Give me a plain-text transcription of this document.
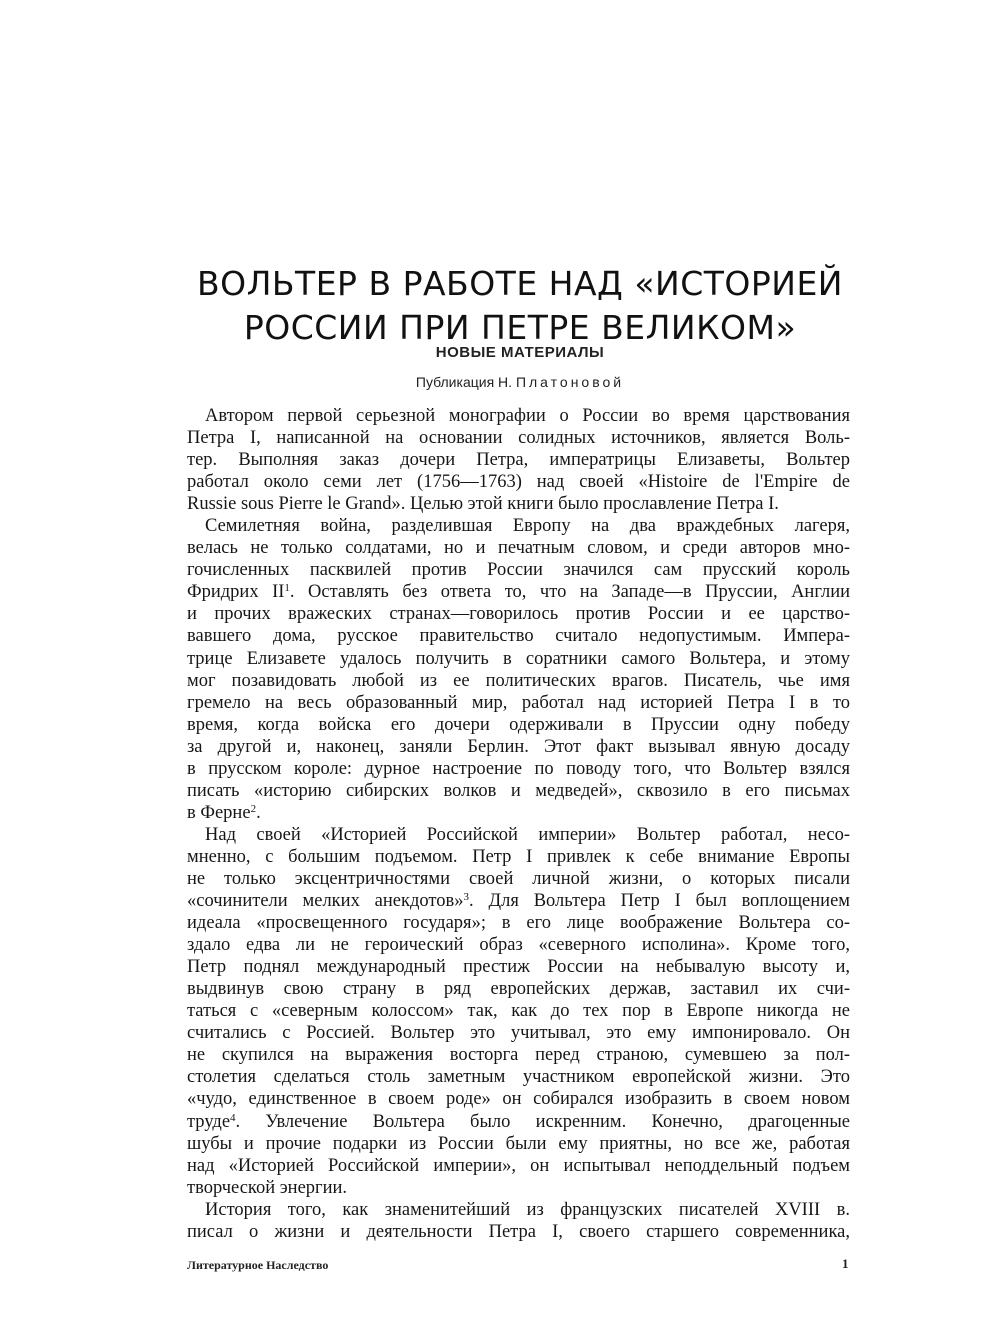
ВОЛЬТЕР В РАБОТЕ НАД «ИСТОРИЕЙ
РОССИИ ПРИ ПЕТРЕ ВЕЛИКОМ»
НОВЫЕ МАТЕРИАЛЫ
Публикация Н. Платоновой
Автором первой серьезной монографии о России во время царствования
Петра I, написанной на основании солидных источников, является Воль-
тер. Выполняя заказ дочери Петра, императрицы Елизаветы, Вольтер
работал около семи лет (1756—1763) над своей «Histoire de l'Empire de
Russie sous Pierre le Grand». Целью этой книги было прославление Петра I.
Семилетняя война, разделившая Европу на два враждебных лагеря,
велась не только солдатами, но и печатным словом, и среди авторов мно-
гочисленных пасквилей против России значился сам прусский король
Фридрих $II^1$. Оставлять без ответа то, что на Западе—в Пруссии, Англии
и прочих вражеских странах—говорилось против России и ее царство-
вавшего дома, русское правительство считало недопустимым. Импера-
трице Елизавете удалось получить в соратники самого Вольтера, и этому
мог позавидовать любой из ее политических врагов. Писатель, чье имя
гремело на весь образованный мир, работал над историей Петра I в то
время, когда войска его дочери одерживали в Пруссии одну победу
за другой и, наконец, заняли Берлин. Этот факт вызывал явную досаду
в прусском короле: дурное настроение по поводу того, что Вольтер взялся
писать «историю сибирских волков и медведей», сквозило в его письмах
в Ферне$^2$.
Над своей «Историей Российской империи» Вольтер работал, несо-
мненно, с большим подъемом. Петр I привлек к себе внимание Европы
не только эксцентричностями своей личной жизни, о которых писали
«сочинители мелких анекдотов»$^3$. Для Вольтера Петр I был воплощением
идеала «просвещенного государя»; в его лице воображение Вольтера со-
здало едва ли не героический образ «северного исполина». Кроме того,
Петр поднял международный престиж России на небывалую высоту и,
выдвинув свою страну в ряд европейских держав, заставил их счи-
таться с «северным колоссом» так, как до тех пор в Европе никогда не
считались с Россией. Вольтер это учитывал, это ему импонировало. Он
не скупился на выражения восторга перед страною, сумевшею за пол-
столетия сделаться столь заметным участником европейской жизни. Это
«чудо, единственное в своем роде» он собирался изобразить в своем новом
труде$^4$. Увлечение Вольтера было искренним. Конечно, драгоценные
шубы и прочие подарки из России были ему приятны, но все же, работая
над «Историей Российской империи», он испытывал неподдельный подъем
творческой энергии.
История того, как знаменитейший из французских писателей XVIII в.
писал о жизни и деятельности Петра I, своего старшего современника,
Литературное Наследство	1
